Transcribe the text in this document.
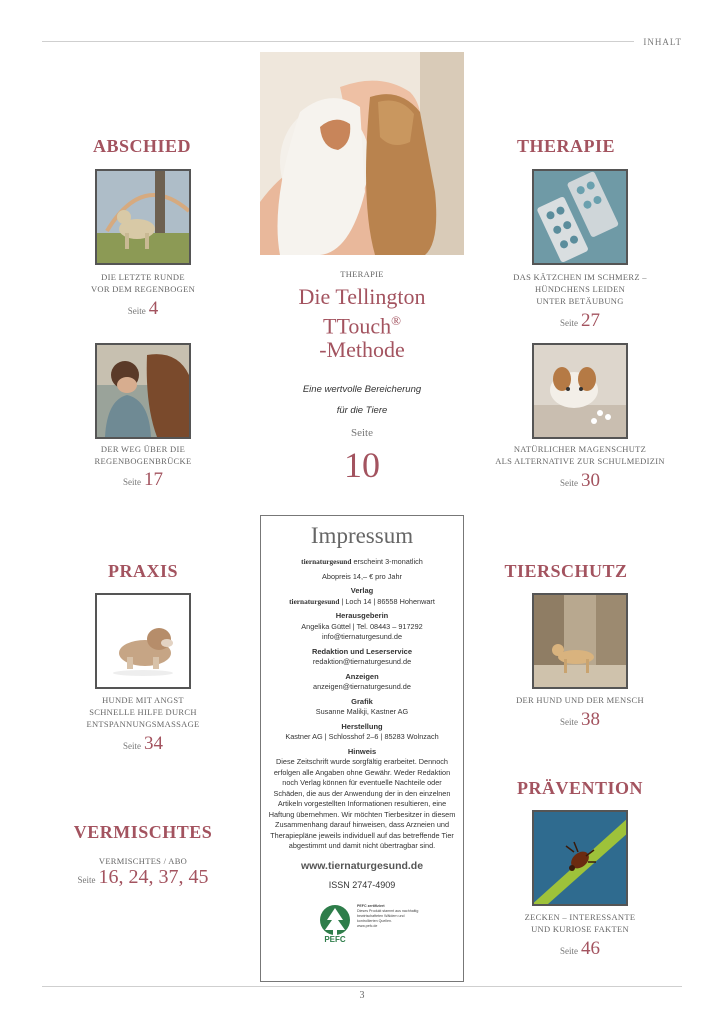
INHALT
ABSCHIED
DIE LETZTE RUNDE
VOR DEM REGENBOGEN
Seite 4
DER WEG ÜBER DIE
REGENBOGENBRÜCKE
Seite 17
THERAPIE
Die Tellington
TTouch®
-Methode
Eine wertvolle Bereicherung
für die Tiere
Seite
10
THERAPIE
DAS KÄTZCHEN IM SCHMERZ –
HÜNDCHENS LEIDEN
UNTER BETÄUBUNG
Seite 27
NATÜRLICHER MAGENSCHUTZ
ALS ALTERNATIVE ZUR SCHULMEDIZIN
Seite 30
PRAXIS
HUNDE MIT ANGST
SCHNELLE HILFE DURCH
ENTSPANNUNGSMASSAGE
Seite 34
VERMISCHTES
VERMISCHTES / ABO
Seite 16, 24, 37, 45
Impressum

tiernaturgesund erscheint 3-monatlich

Abopreis 14,– € pro Jahr

Verlag

tiernaturgesund | Loch 14 | 86558 Hohenwart

Herausgeberin

Angelika Güttel | Tel. 08443 – 917292

info@tiernaturgesund.de

Redaktion und Leserservice

redaktion@tiernaturgesund.de

Anzeigen

anzeigen@tiernaturgesund.de

Grafik

Susanne Malikji, Kastner AG

Herstellung

Kastner AG | Schlosshof 2–6 | 85283 Wolnzach

Hinweis

Diese Zeitschrift wurde sorgfältig erarbeitet. Dennoch erfolgen alle Angaben ohne Gewähr. Weder Redaktion noch Verlag können für eventuelle Nachteile oder Schäden, die aus der Anwendung der in den einzelnen Artikeln vorgestellten Informationen resultieren, eine Haftung übernehmen. Wir möchten Tierbesitzer in diesem Zusammenhang darauf hinweisen, dass Arzneien und Therapiepläne jeweils individuell auf das betreffende Tier abgestimmt und damit nicht übertragbar sind.

www.tiernaturgesund.de
ISSN 2747-4909
PEFC
PEFC zertifiziert
Dieses Produkt stammt aus nachhaltig bewirtschafteten Wäldern und kontrollierten Quellen.
www.pefc.de
TIERSCHUTZ
DER HUND UND DER MENSCH
Seite 38
PRÄVENTION
ZECKEN – INTERESSANTE
UND KURIOSE FAKTEN
Seite 46
3
